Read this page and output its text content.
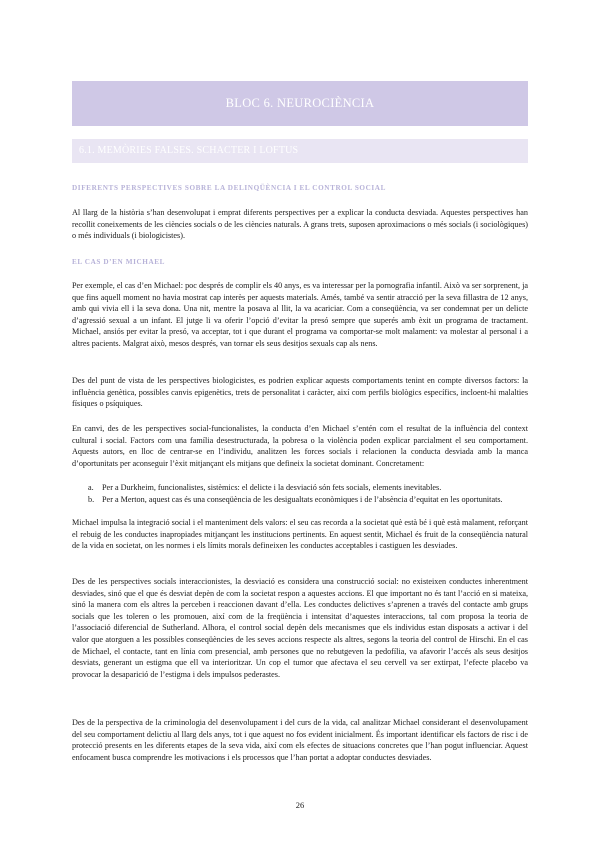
BLOC 6. NEUROCIÈNCIA
6.1. MEMÒRIES FALSES. SCHACTER I LOFTUS
DIFERENTS PERSPECTIVES SOBRE LA DELINQÜÈNCIA I EL CONTROL SOCIAL

Al llarg de la història s’han desenvolupat i emprat diferents perspectives per a explicar la conducta desviada. Aquestes perspectives han recollit coneixements de les ciències socials o de les ciències naturals. A grans trets, suposen aproximacions o més socials (i sociològiques) o més individuals (i biologicistes).

EL CAS D’EN MICHAEL

Per exemple, el cas d’en Michael: poc després de complir els 40 anys, es va interessar per la pornografia infantil. Això va ser sorprenent, ja que fins aquell moment no havia mostrat cap interès per aquests materials. Amés, també va sentir atracció per la seva fillastra de 12 anys, amb qui vivia ell i la seva dona. Una nit, mentre la posava al llit, la va acariciar. Com a conseqüència, va ser condemnat per un delicte d’agressió sexual a un infant. El jutge li va oferir l’opció d’evitar la presó sempre que superés amb èxit un programa de tractament. Michael, ansiós per evitar la presó, va acceptar, tot i que durant el programa va comportar-se molt malament: va molestar al personal i a altres pacients. Malgrat això, mesos després, van tornar els seus desitjos sexuals cap als nens.

Des del punt de vista de les perspectives biologicistes, es podrien explicar aquests comportaments tenint en compte diversos factors: la influència genètica, possibles canvis epigenètics, trets de personalitat i caràcter, així com perfils biològics específics, incloent-hi malalties físiques o psíquiques.

En canvi, des de les perspectives social-funcionalistes, la conducta d’en Michael s’entén com el resultat de la influència del context cultural i social. Factors com una família desestructurada, la pobresa o la violència poden explicar parcialment el seu comportament. Aquests autors, en lloc de centrar-se en l’individu, analitzen les forces socials i relacionen la conducta desviada amb la manca d’oportunitats per aconseguir l’èxit mitjançant els mitjans que defineix la societat dominant. Concretament:

a. Per a Durkheim, funcionalistes, sistèmics: el delicte i la desviació són fets socials, elements inevitables.
b. Per a Merton, aquest cas és una conseqüència de les desigualtats econòmiques i de l’absència d’equitat en les oportunitats.

Michael impulsa la integració social i el manteniment dels valors: el seu cas recorda a la societat què està bé i què està malament, reforçant el rebuig de les conductes inapropiades mitjançant les institucions pertinents. En aquest sentit, Michael és fruit de la conseqüència natural de la vida en societat, on les normes i els límits morals defineixen les conductes acceptables i castiguen les desviades.

Des de les perspectives socials interaccionistes, la desviació es considera una construcció social: no existeixen conductes inherentment desviades, sinó que el que és desviat depèn de com la societat respon a aquestes accions. El que important no és tant l’acció en si mateixa, sinó la manera com els altres la perceben i reaccionen davant d’ella. Les conductes delictives s’aprenen a través del contacte amb grups socials que les toleren o les promouen, així com de la freqüència i intensitat d’aquestes interaccions, tal com proposa la teoria de l’associació diferencial de Sutherland. Alhora, el control social depèn dels mecanismes que els individus estan disposats a activar i del valor que atorguen a les possibles conseqüències de les seves accions respecte als altres, segons la teoria del control de Hirschi. En el cas de Michael, el contacte, tant en línia com presencial, amb persones que no rebutgeven la pedofília, va afavorir l’accés als seus desitjos desviats, generant un estigma que ell va interioritzar. Un cop el tumor que afectava el seu cervell va ser extirpat, l’efecte placebo va provocar la desaparició de l’estigma i dels impulsos pederastes.

Des de la perspectiva de la criminologia del desenvolupament i del curs de la vida, cal analitzar Michael considerant el desenvolupament del seu comportament delictiu al llarg dels anys, tot i que aquest no fos evident inicialment. És important identificar els factors de risc i de protecció presents en les diferents etapes de la seva vida, així com els efectes de situacions concretes que l’han pogut influenciar. Aquest enfocament busca comprendre les motivacions i els processos que l’han portat a adoptar conductes desviades.

26
